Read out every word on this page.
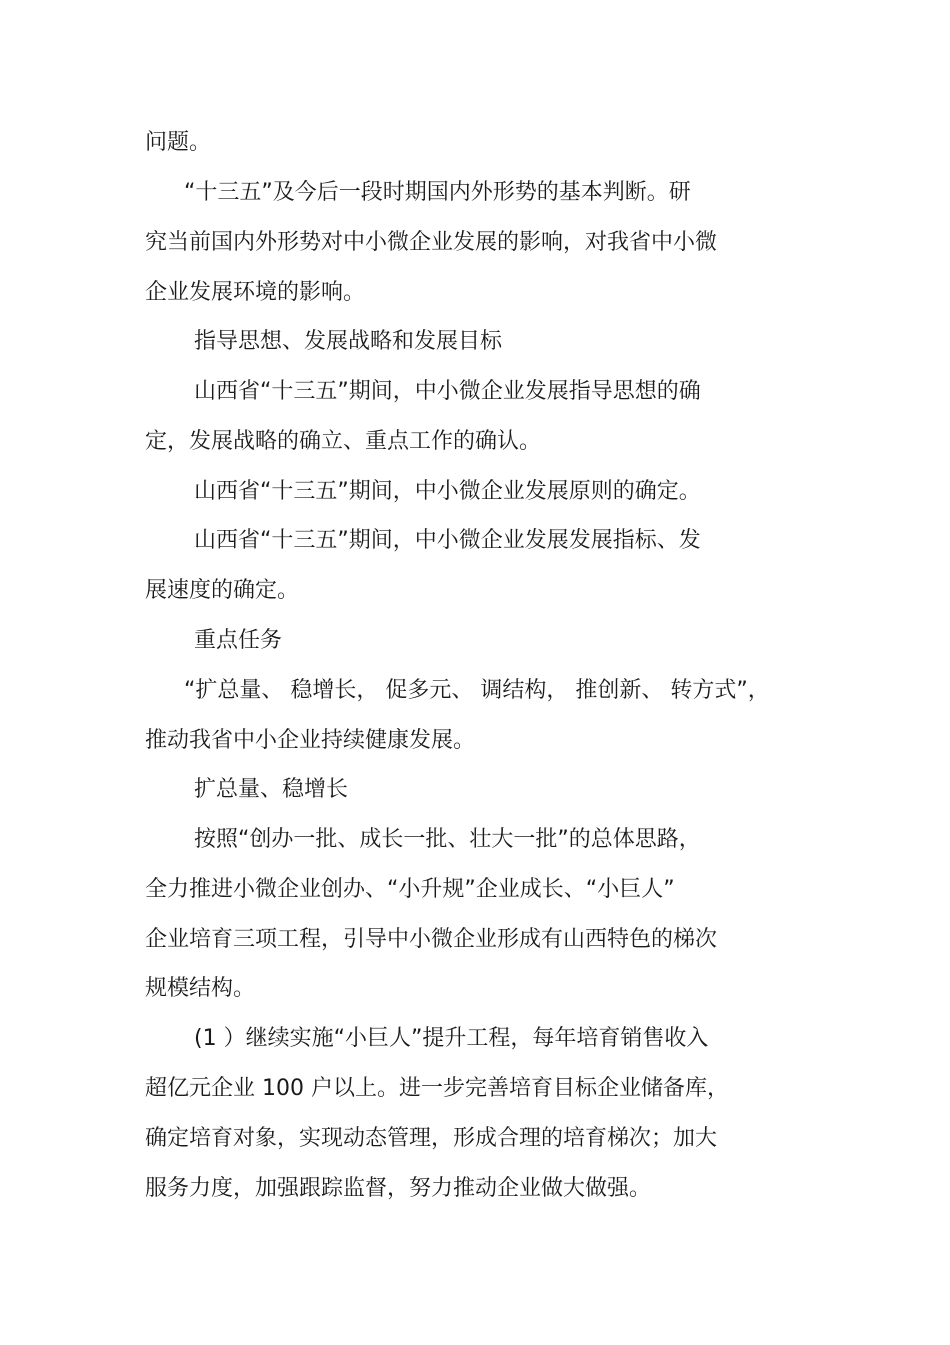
问题。
“十三五”及今后一段时期国内外形势的基本判断。研
究当前国内外形势对中小微企业发展的影响，对我省中小微
企业发展环境的影响。
指导思想、发展战略和发展目标
山西省“十三五”期间，中小微企业发展指导思想的确
定，发展战略的确立、重点工作的确认。
山西省“十三五”期间，中小微企业发展原则的确定。
山西省“十三五”期间，中小微企业发展发展指标、发
展速度的确定。
重点任务
“扩总量、 稳增长， 促多元、 调结构， 推创新、 转方式”，
推动我省中小企业持续健康发展。
扩总量、稳增长
按照“创办一批、成长一批、壮大一批”的总体思路，
全力推进小微企业创办、“小升规”企业成长、“小巨人”
企业培育三项工程，引导中小微企业形成有山西特色的梯次
规模结构。
(1 ）继续实施“小巨人”提升工程，每年培育销售收入
超亿元企业 100 户以上。进一步完善培育目标企业储备库，
确定培育对象，实现动态管理，形成合理的培育梯次；加大
服务力度，加强跟踪监督，努力推动企业做大做强。
